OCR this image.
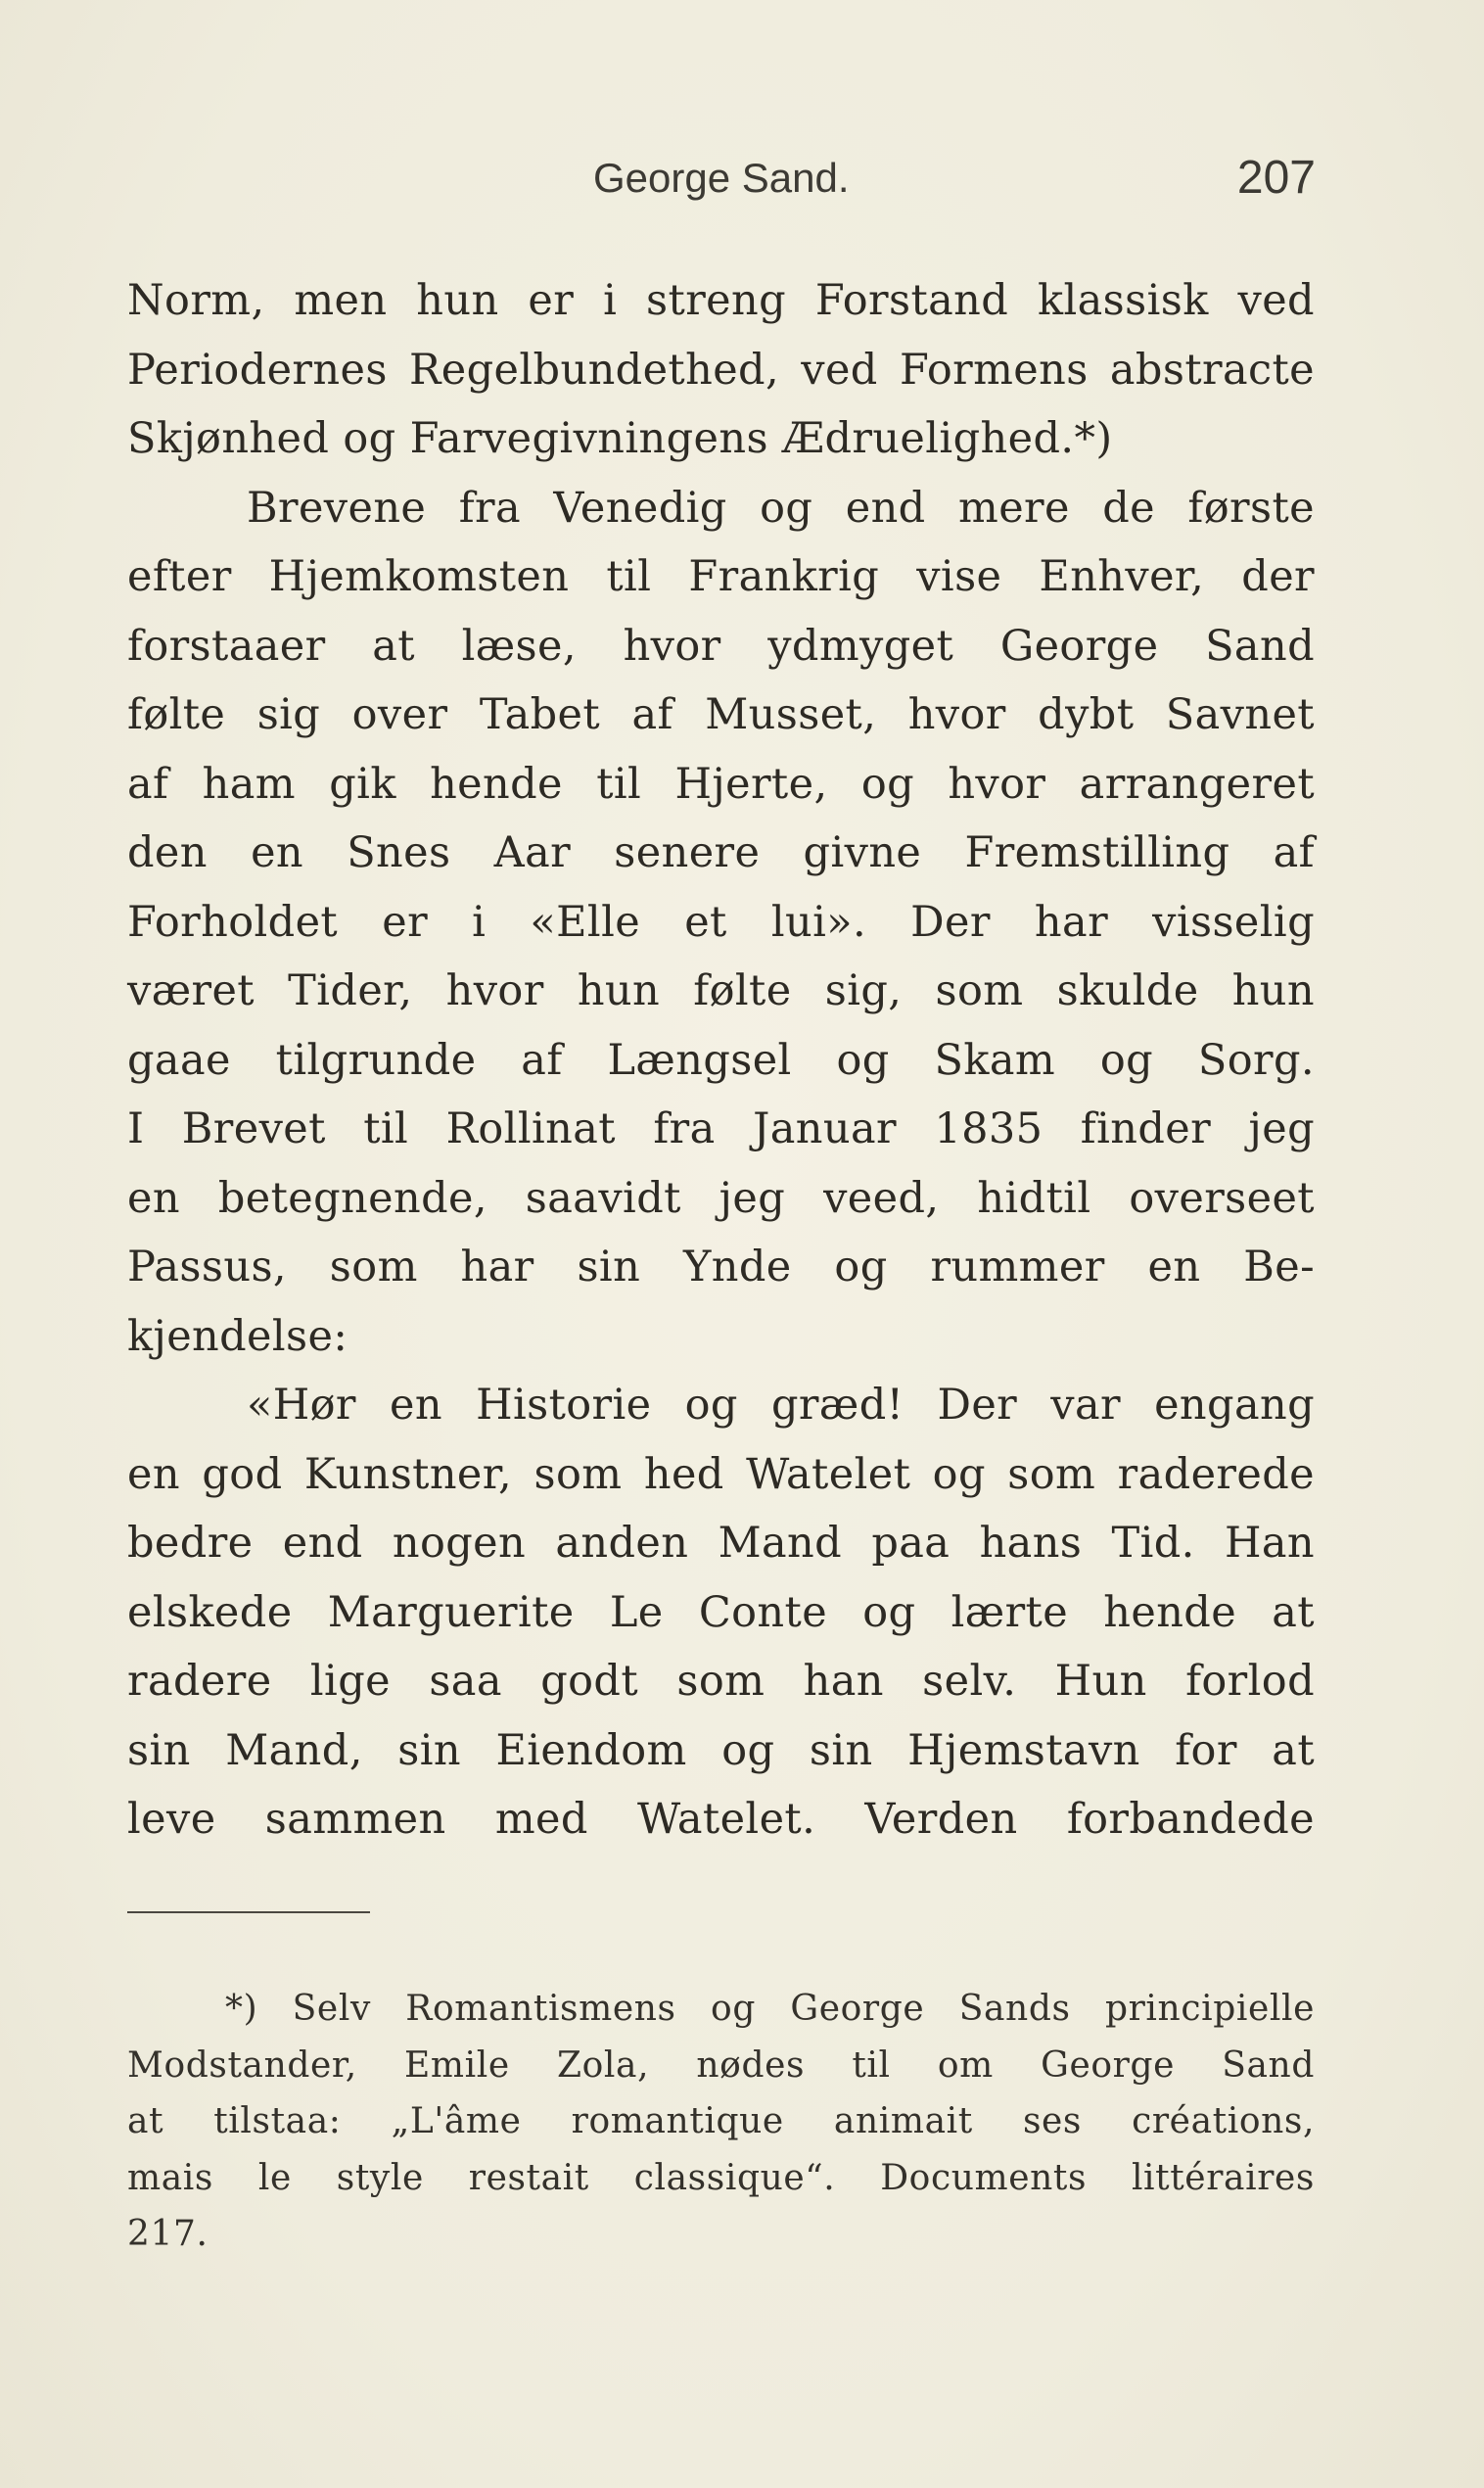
George Sand.	207
Norm, men hun er i streng Forstand klassisk ved
Periodernes Regelbundethed, ved Formens abstracte
Skjønhed og Farvegivningens Ædruelighed.*)
Brevene fra Venedig og end mere de første
efter Hjemkomsten til Frankrig vise Enhver, der
forstaaer at læse, hvor ydmyget George Sand
følte sig over Tabet af Musset, hvor dybt Savnet
af ham gik hende til Hjerte, og hvor arrangeret
den en Snes Aar senere givne Fremstilling af
Forholdet er i «Elle et lui». Der har visselig
været Tider, hvor hun følte sig, som skulde hun
gaae tilgrunde af Længsel og Skam og Sorg.
I Brevet til Rollinat fra Januar 1835 finder jeg
en betegnende, saavidt jeg veed, hidtil overseet
Passus, som har sin Ynde og rummer en Be-
kjendelse:
«Hør en Historie og græd! Der var engang
en god Kunstner, som hed Watelet og som raderede
bedre end nogen anden Mand paa hans Tid. Han
elskede Marguerite Le Conte og lærte hende at
radere lige saa godt som han selv. Hun forlod
sin Mand, sin Eiendom og sin Hjemstavn for at
leve sammen med Watelet. Verden forbandede
*) Selv Romantismens og George Sands principielle
Modstander, Emile Zola, nødes til om George Sand
at tilstaa: „L'âme romantique animait ses créations,
mais le style restait classique“. Documents littéraires
217.
